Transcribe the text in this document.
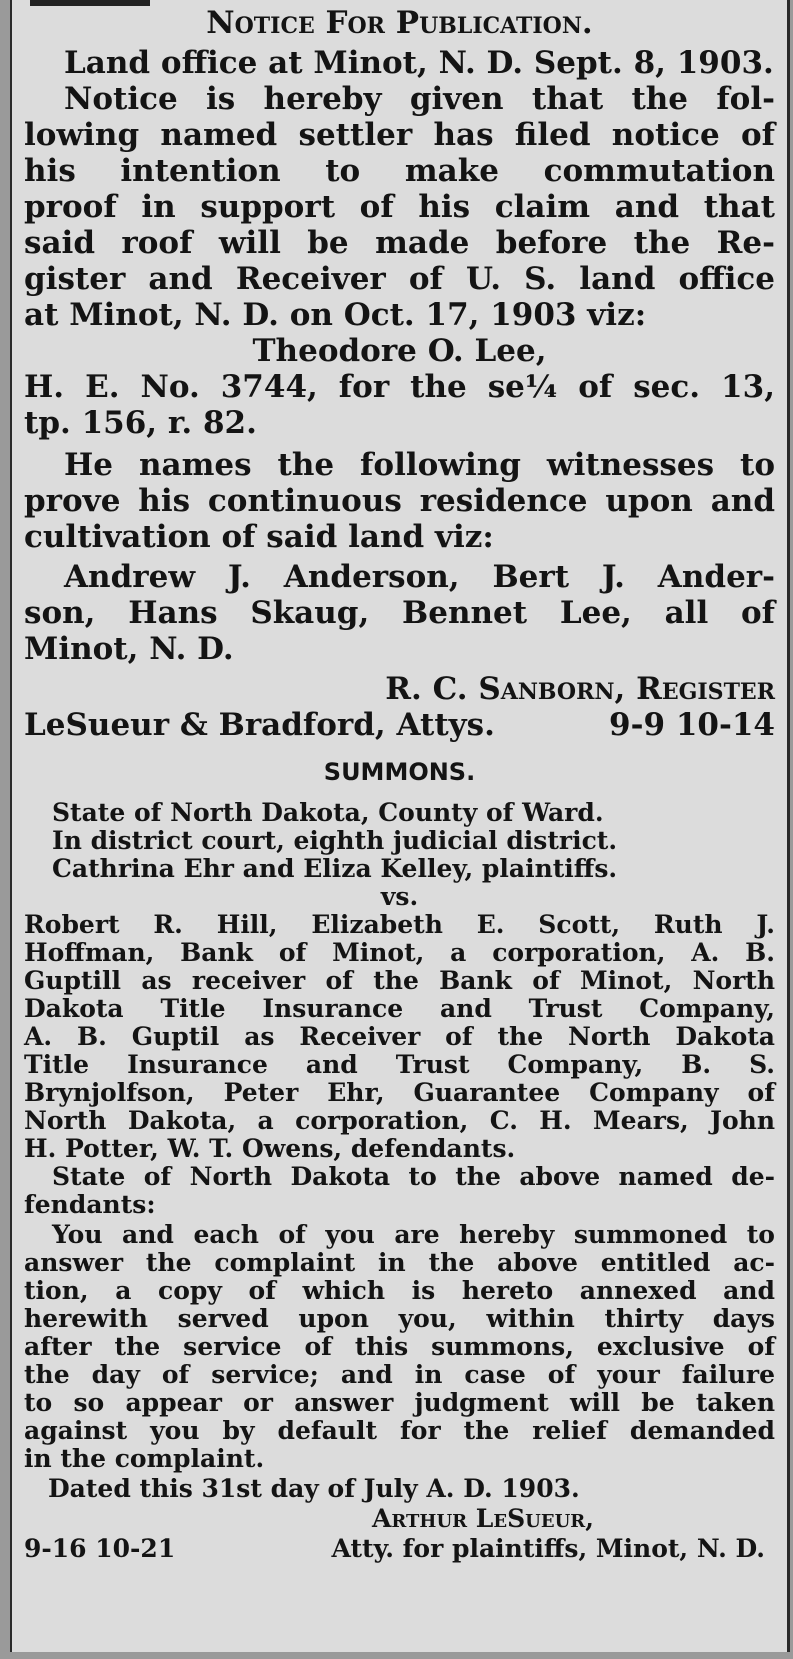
Notice For Publication.
Land office at Minot, N. D. Sept. 8, 1903.
Notice is hereby given that the fol-
lowing named settler has filed notice of
his intention to make commutation
proof in support of his claim and that
said roof will be made before the Re-
gister and Receiver of U. S. land office
at Minot, N. D. on Oct. 17, 1903 viz:
Theodore O. Lee,
H. E. No. 3744, for the se¼ of sec. 13,
tp. 156, r. 82.
He names the following witnesses to
prove his continuous residence upon and
cultivation of said land viz:
Andrew J. Anderson, Bert J. Ander-
son, Hans Skaug, Bennet Lee, all of
Minot, N. D.
R. C. Sanborn, Register
LeSueur & Bradford, Attys.	9-9 10-14
SUMMONS.
State of North Dakota, County of Ward.
In district court, eighth judicial district.
Cathrina Ehr and Eliza Kelley, plaintiffs.
vs.
Robert R. Hill, Elizabeth E. Scott, Ruth J.
Hoffman, Bank of Minot, a corporation, A. B.
Guptill as receiver of the Bank of Minot, North
Dakota Title Insurance and Trust Company,
A. B. Guptil as Receiver of the North Dakota
Title Insurance and Trust Company, B. S.
Brynjolfson, Peter Ehr, Guarantee Company of
North Dakota, a corporation, C. H. Mears, John
H. Potter, W. T. Owens, defendants.
State of North Dakota to the above named de-
fendants:
You and each of you are hereby summoned to
answer the complaint in the above entitled ac-
tion, a copy of which is hereto annexed and
herewith served upon you, within thirty days
after the service of this summons, exclusive of
the day of service; and in case of your failure
to so appear or answer judgment will be taken
against you by default for the relief demanded
in the complaint.
Dated this 31st day of July A. D. 1903.
Arthur LeSueur,
9-16 10-21	Atty. for plaintiffs, Minot, N. D.
